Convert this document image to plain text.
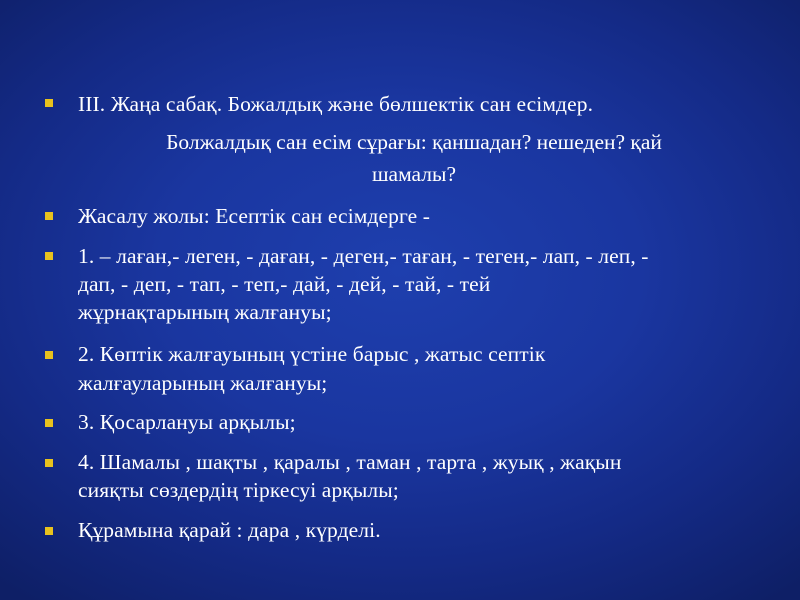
III. Жаңа сабақ. Божалдық және бөлшектік сан есімдер.
Болжалдық сан есім сұрағы: қаншадан? нешеден? қай
шамалы?
Жасалу жолы: Есептік сан есімдерге -
1. – лаған,- леген, - даған, - деген,- таған, - теген,- лап, - леп, -
дап, - деп, - тап, - теп,- дай, - дей, - тай, - тей
жұрнақтарының жалғануы;
2. Көптік жалғауының үстіне барыс , жатыс септік
жалғауларының жалғануы;
3. Қосарлануы арқылы;
4. Шамалы , шақты , қаралы , таман , тарта , жуық , жақын
сияқты сөздердің тіркесуі арқылы;
Құрамына қарай : дара , күрделі.
